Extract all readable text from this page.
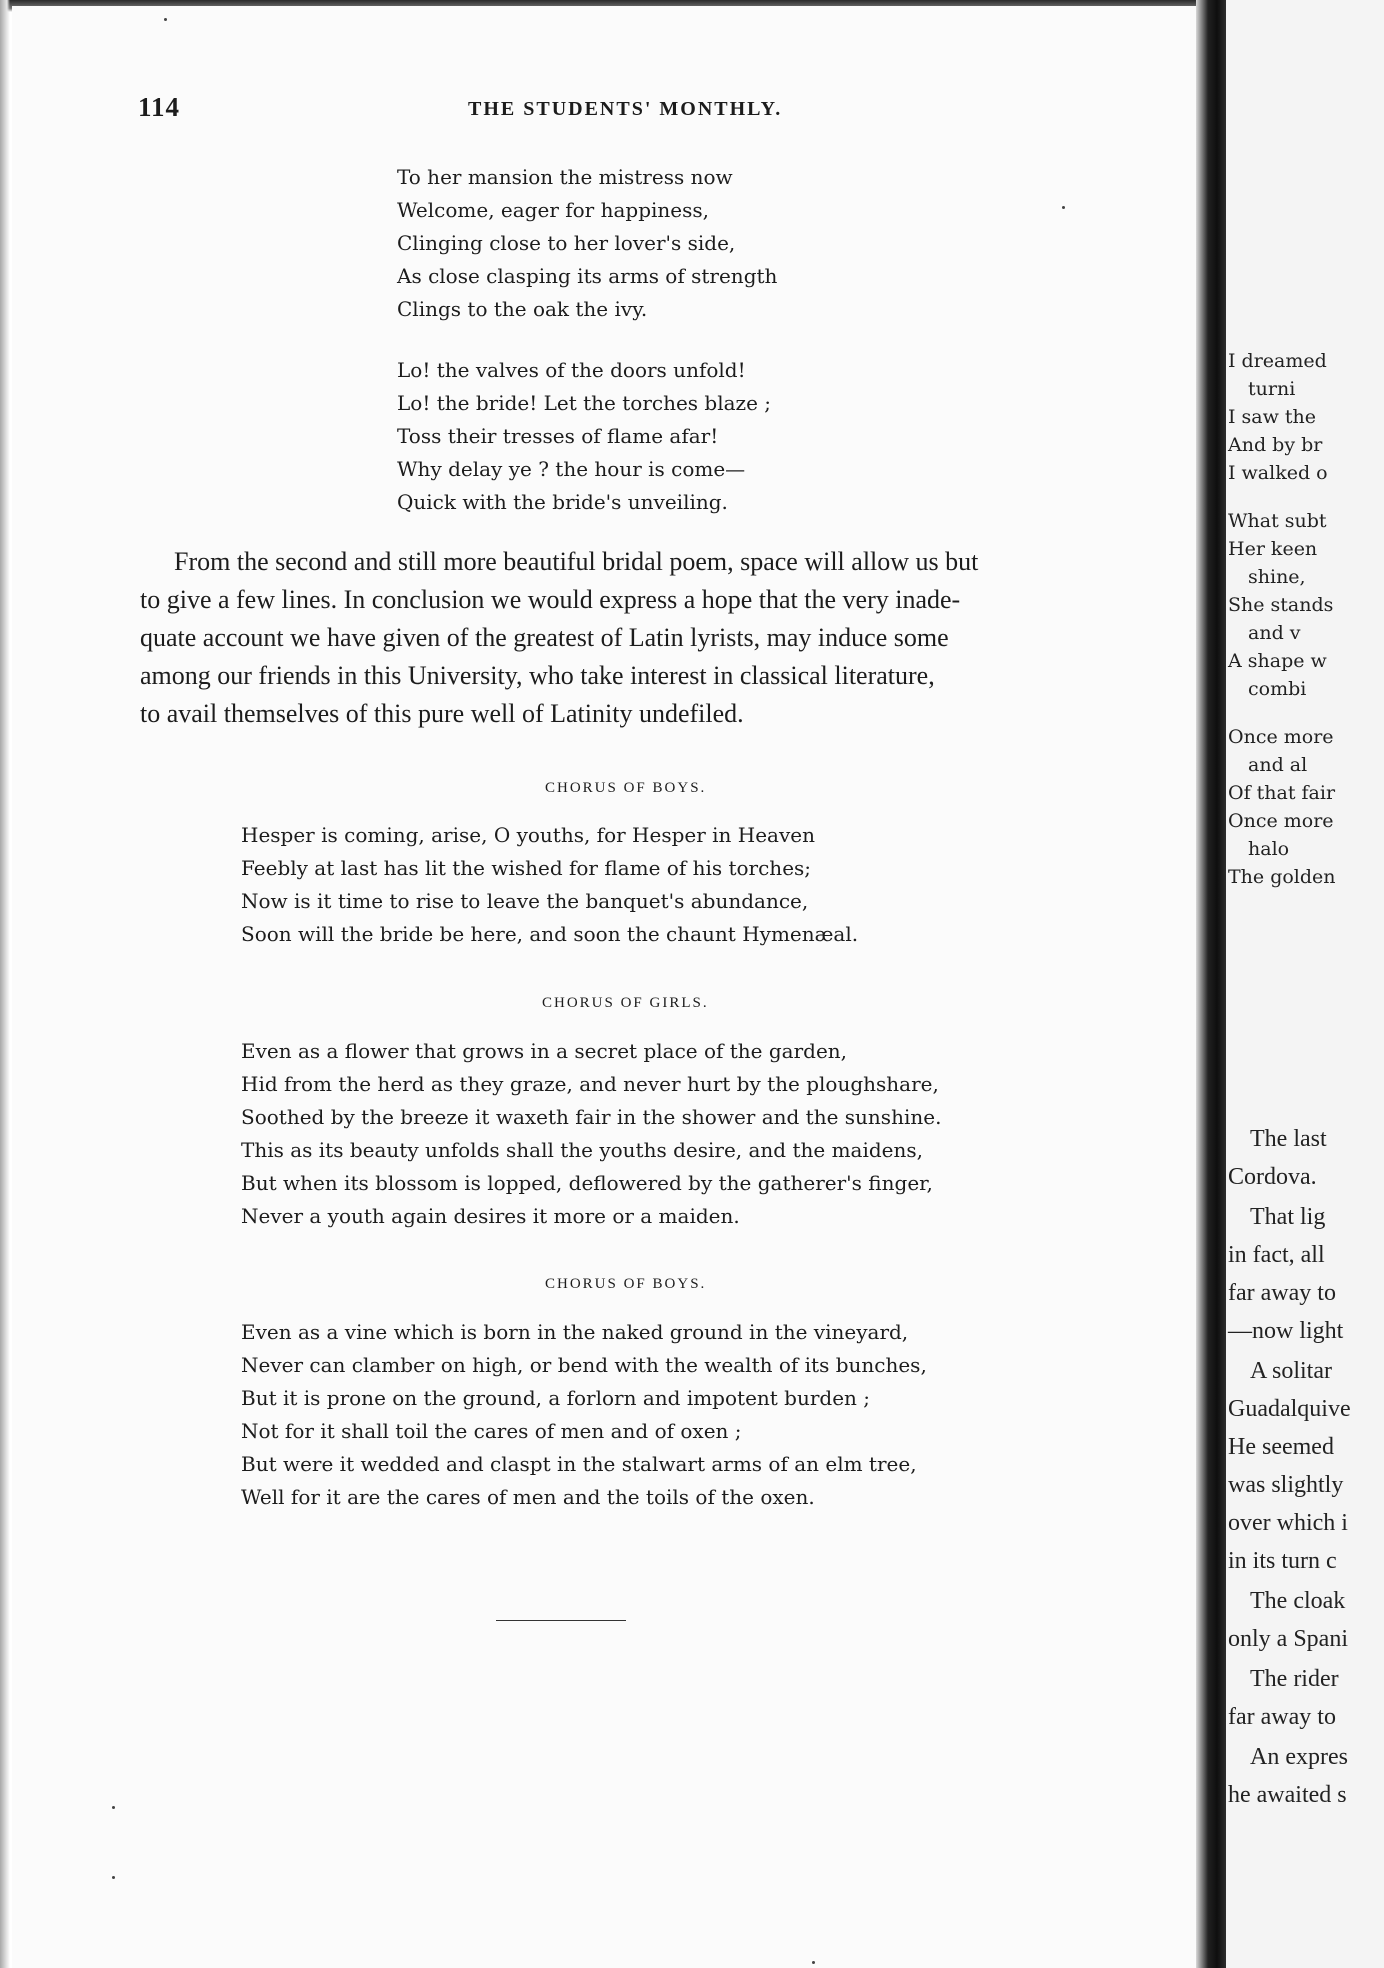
114	THE STUDENTS' MONTHLY.
To her mansion the mistress now
Welcome, eager for happiness,
Clinging close to her lover's side,
As close clasping its arms of strength
Clings to the oak the ivy.
Lo! the valves of the doors unfold!
Lo! the bride! Let the torches blaze ;
Toss their tresses of flame afar!
Why delay ye ? the hour is come—
Quick with the bride's unveiling.
From the second and still more beautiful bridal poem, space will allow us but
to give a few lines. In conclusion we would express a hope that the very inade-
quate account we have given of the greatest of Latin lyrists, may induce some
among our friends in this University, who take interest in classical literature,
to avail themselves of this pure well of Latinity undefiled.
CHORUS OF BOYS.
Hesper is coming, arise, O youths, for Hesper in Heaven
Feebly at last has lit the wished for flame of his torches;
Now is it time to rise to leave the banquet's abundance,
Soon will the bride be here, and soon the chaunt Hymenæal.
CHORUS OF GIRLS.
Even as a flower that grows in a secret place of the garden,
Hid from the herd as they graze, and never hurt by the ploughshare,
Soothed by the breeze it waxeth fair in the shower and the sunshine.
This as its beauty unfolds shall the youths desire, and the maidens,
But when its blossom is lopped, deflowered by the gatherer's finger,
Never a youth again desires it more or a maiden.
CHORUS OF BOYS.
Even as a vine which is born in the naked ground in the vineyard,
Never can clamber on high, or bend with the wealth of its bunches,
But it is prone on the ground, a forlorn and impotent burden ;
Not for it shall toil the cares of men and of oxen ;
But were it wedded and claspt in the stalwart arms of an elm tree,
Well for it are the cares of men and the toils of the oxen.
I dreamed
turni
I saw the
And by br
I walked o
What subt
Her keen
shine,
She stands
and v
A shape w
combi
Once more
and al
Of that fair
Once more
halo
The golden
The last
Cordova.
That lig
in fact, all
far away to
—now light
A solitar
Guadalquive
He seemed
was slightly
over which i
in its turn c
The cloak
only a Spani
The rider
far away to
An expres
he awaited s
